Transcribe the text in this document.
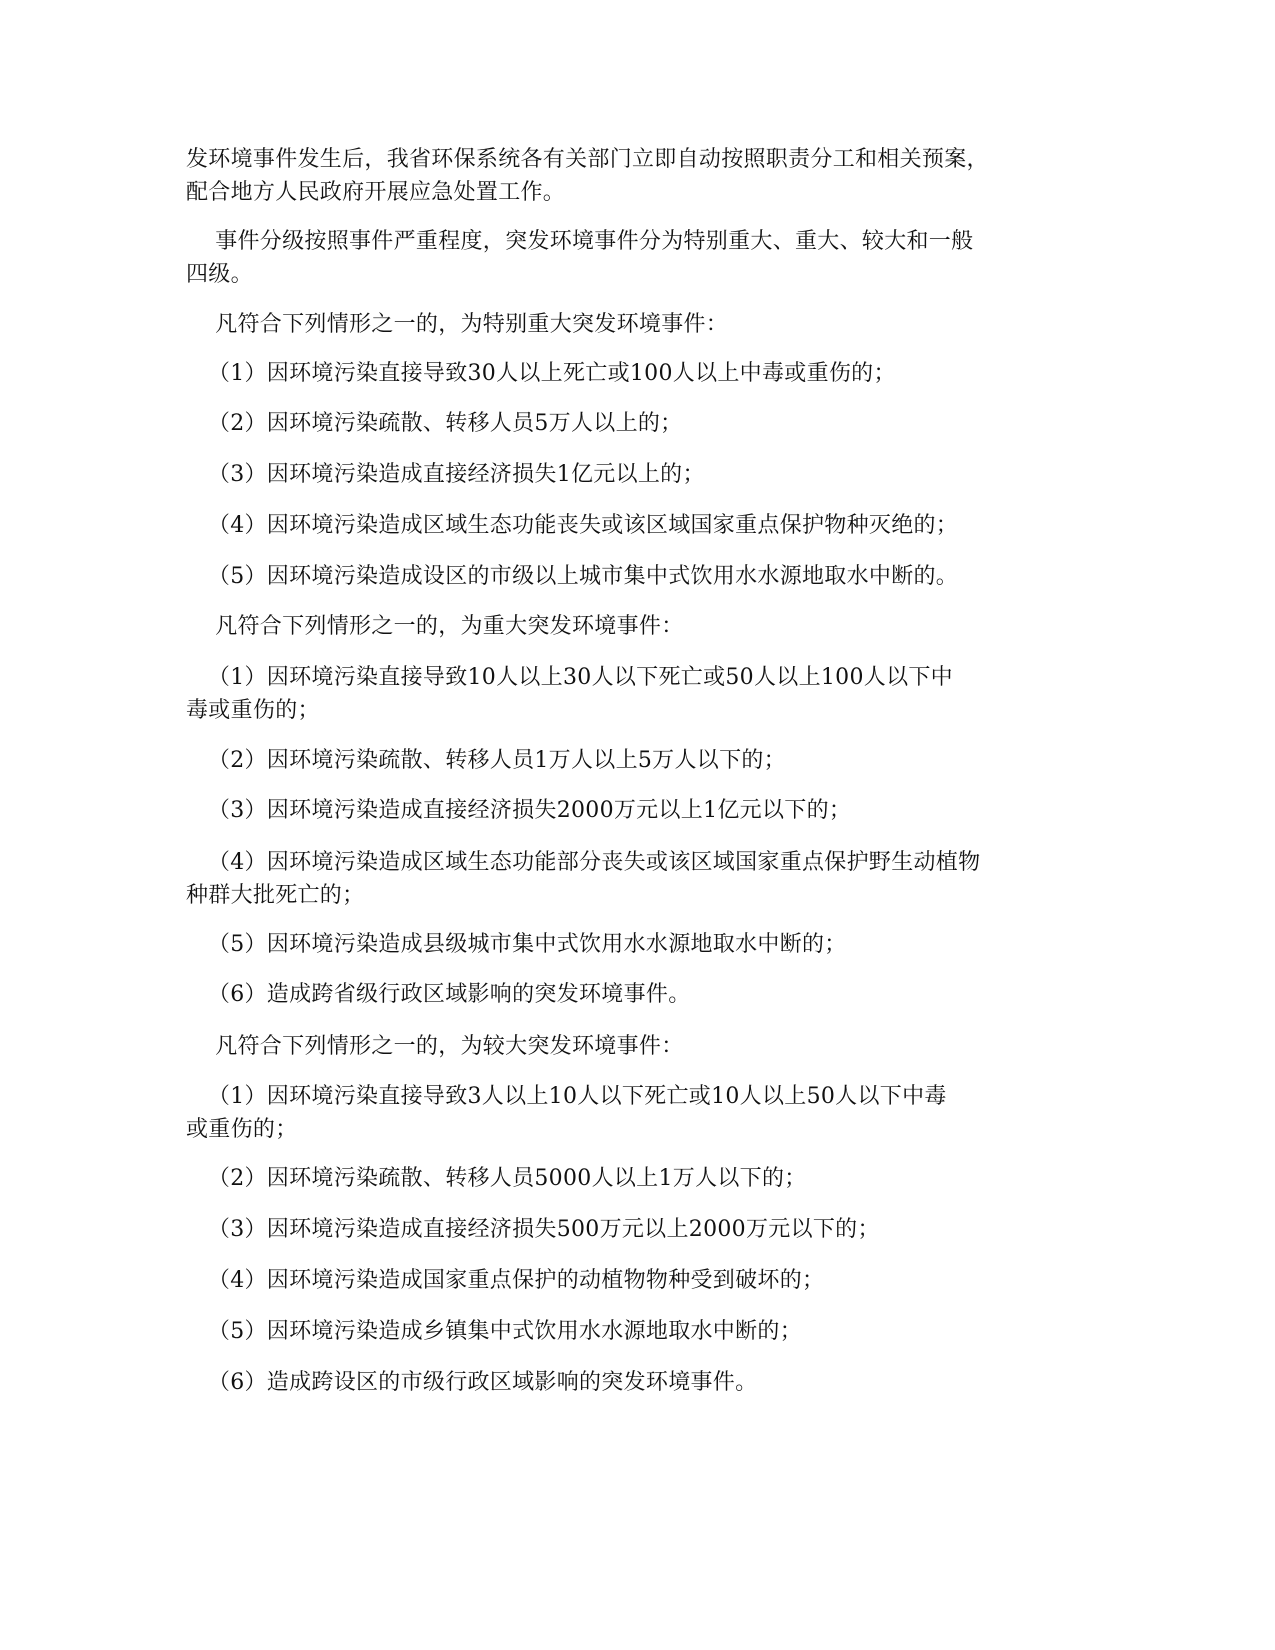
发环境事件发生后，我省环保系统各有关部门立即自动按照职责分工和相关预案，
配合地方人民政府开展应急处置工作。
事件分级按照事件严重程度，突发环境事件分为特别重大、重大、较大和一般
四级。
凡符合下列情形之一的，为特别重大突发环境事件：
（1）因环境污染直接导致30人以上死亡或100人以上中毒或重伤的；
（2）因环境污染疏散、转移人员5万人以上的；
（3）因环境污染造成直接经济损失1亿元以上的；
（4）因环境污染造成区域生态功能丧失或该区域国家重点保护物种灭绝的；
（5）因环境污染造成设区的市级以上城市集中式饮用水水源地取水中断的。
凡符合下列情形之一的，为重大突发环境事件：
（1）因环境污染直接导致10人以上30人以下死亡或50人以上100人以下中
毒或重伤的；
（2）因环境污染疏散、转移人员1万人以上5万人以下的；
（3）因环境污染造成直接经济损失2000万元以上1亿元以下的；
（4）因环境污染造成区域生态功能部分丧失或该区域国家重点保护野生动植物
种群大批死亡的；
（5）因环境污染造成县级城市集中式饮用水水源地取水中断的；
（6）造成跨省级行政区域影响的突发环境事件。
凡符合下列情形之一的，为较大突发环境事件：
（1）因环境污染直接导致3人以上10人以下死亡或10人以上50人以下中毒
或重伤的；
（2）因环境污染疏散、转移人员5000人以上1万人以下的；
（3）因环境污染造成直接经济损失500万元以上2000万元以下的；
（4）因环境污染造成国家重点保护的动植物物种受到破坏的；
（5）因环境污染造成乡镇集中式饮用水水源地取水中断的；
（6）造成跨设区的市级行政区域影响的突发环境事件。
